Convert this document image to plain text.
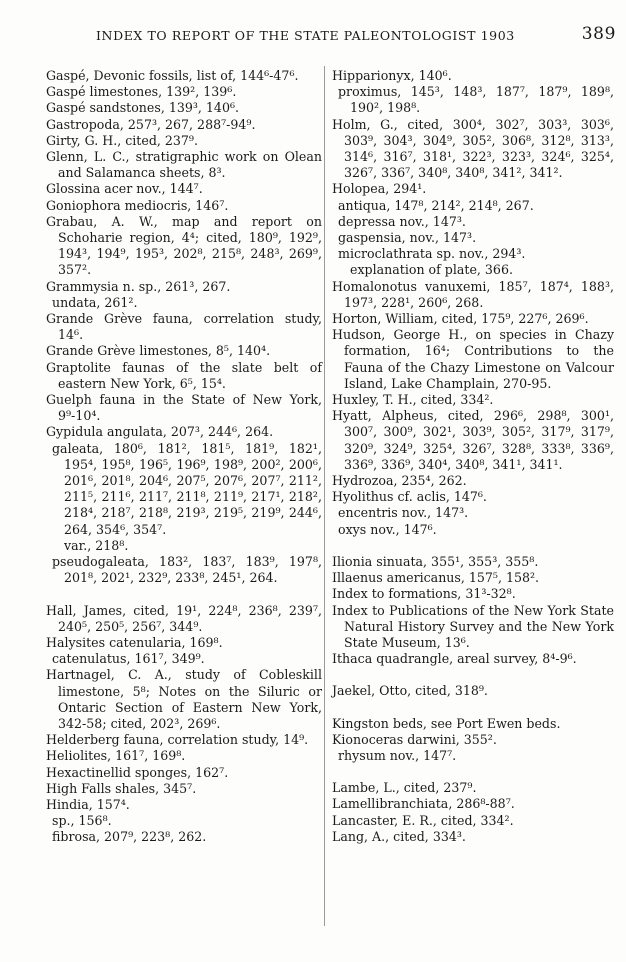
INDEX TO REPORT OF THE STATE PALEONTOLOGIST 1903	389
Gaspé, Devonic fossils, list of, 144⁶-47⁶.
Gaspé limestones, 139², 139⁶.
Gaspé sandstones, 139³, 140⁶.
Gastropoda, 257³, 267, 288⁷-94⁹.
Girty, G. H., cited, 237⁹.
Glenn, L. C., stratigraphic work on Olean and Salamanca sheets, 8³.
Glossina acer nov., 144⁷.
Goniophora mediocris, 146⁷.
Grabau, A. W., map and report on Schoharie region, 4⁴; cited, 180⁹, 192⁹, 194³, 194⁹, 195³, 202⁸, 215⁸, 248³, 269⁹, 357².
Grammysia n. sp., 261³, 267.
undata, 261².
Grande Grève fauna, correlation study, 14⁶.
Grande Grève limestones, 8⁵, 140⁴.
Graptolite faunas of the slate belt of eastern New York, 6⁵, 15⁴.
Guelph fauna in the State of New York, 9⁹-10⁴.
Gypidula angulata, 207³, 244⁶, 264.
galeata, 180⁶, 181², 181⁵, 181⁹, 182¹, 195⁴, 195⁸, 196⁵, 196⁹, 198⁹, 200², 200⁶, 201⁶, 201⁸, 204⁶, 207⁵, 207⁶, 207⁷, 211², 211⁵, 211⁶, 211⁷, 211⁸, 211⁹, 217¹, 218², 218⁴, 218⁷, 218⁸, 219³, 219⁵, 219⁹, 244⁶, 264, 354⁶, 354⁷.
var., 218⁸.
pseudogaleata, 183², 183⁷, 183⁹, 197⁸, 201⁸, 202¹, 232⁹, 233⁸, 245¹, 264.
Hall, James, cited, 19¹, 224⁸, 236⁸, 239⁷, 240⁵, 250⁵, 256⁷, 344⁹.
Halysites catenularia, 169⁸.
catenulatus, 161⁷, 349⁹.
Hartnagel, C. A., study of Cobleskill limestone, 5⁸; Notes on the Siluric or Ontaric Section of Eastern New York, 342-58; cited, 202³, 269⁶.
Helderberg fauna, correlation study, 14⁹.
Heliolites, 161⁷, 169⁸.
Hexactinellid sponges, 162⁷.
High Falls shales, 345⁷.
Hindia, 157⁴.
sp., 156⁸.
fibrosa, 207⁹, 223⁸, 262.
Hipparionyx, 140⁶.
proximus, 145³, 148³, 187⁷, 187⁹, 189⁸, 190², 198⁸.
Holm, G., cited, 300⁴, 302⁷, 303³, 303⁶, 303⁹, 304³, 304⁹, 305², 306⁸, 312⁸, 313³, 314⁶, 316⁷, 318¹, 322³, 323³, 324⁶, 325⁴, 326⁷, 336⁷, 340⁸, 340⁸, 341², 341².
Holopea, 294¹.
antiqua, 147⁸, 214², 214⁸, 267.
depressa nov., 147³.
gaspensia, nov., 147³.
microclathrata sp. nov., 294³.
explanation of plate, 366.
Homalonotus vanuxemi, 185⁷, 187⁴, 188³, 197³, 228¹, 260⁶, 268.
Horton, William, cited, 175⁹, 227⁶, 269⁶.
Hudson, George H., on species in Chazy formation, 16⁴; Contributions to the Fauna of the Chazy Limestone on Valcour Island, Lake Champlain, 270-95.
Huxley, T. H., cited, 334².
Hyatt, Alpheus, cited, 296⁶, 298⁸, 300¹, 300⁷, 300⁹, 302¹, 303⁹, 305², 317⁹, 317⁹, 320⁹, 324⁹, 325⁴, 326⁷, 328⁸, 333⁸, 336⁹, 336⁹, 336⁹, 340⁴, 340⁸, 341¹, 341¹.
Hydrozoa, 235⁴, 262.
Hyolithus cf. aclis, 147⁶.
encentris nov., 147³.
oxys nov., 147⁶.
Ilionia sinuata, 355¹, 355³, 355⁸.
Illaenus americanus, 157⁵, 158².
Index to formations, 31³-32⁸.
Index to Publications of the New York State Natural History Survey and the New York State Museum, 13⁶.
Ithaca quadrangle, areal survey, 8⁴-9⁶.
Jaekel, Otto, cited, 318⁹.
Kingston beds, see Port Ewen beds.
Kionoceras darwini, 355².
rhysum nov., 147⁷.
Lambe, L., cited, 237⁹.
Lamellibranchiata, 286⁸-88⁷.
Lancaster, E. R., cited, 334².
Lang, A., cited, 334³.
